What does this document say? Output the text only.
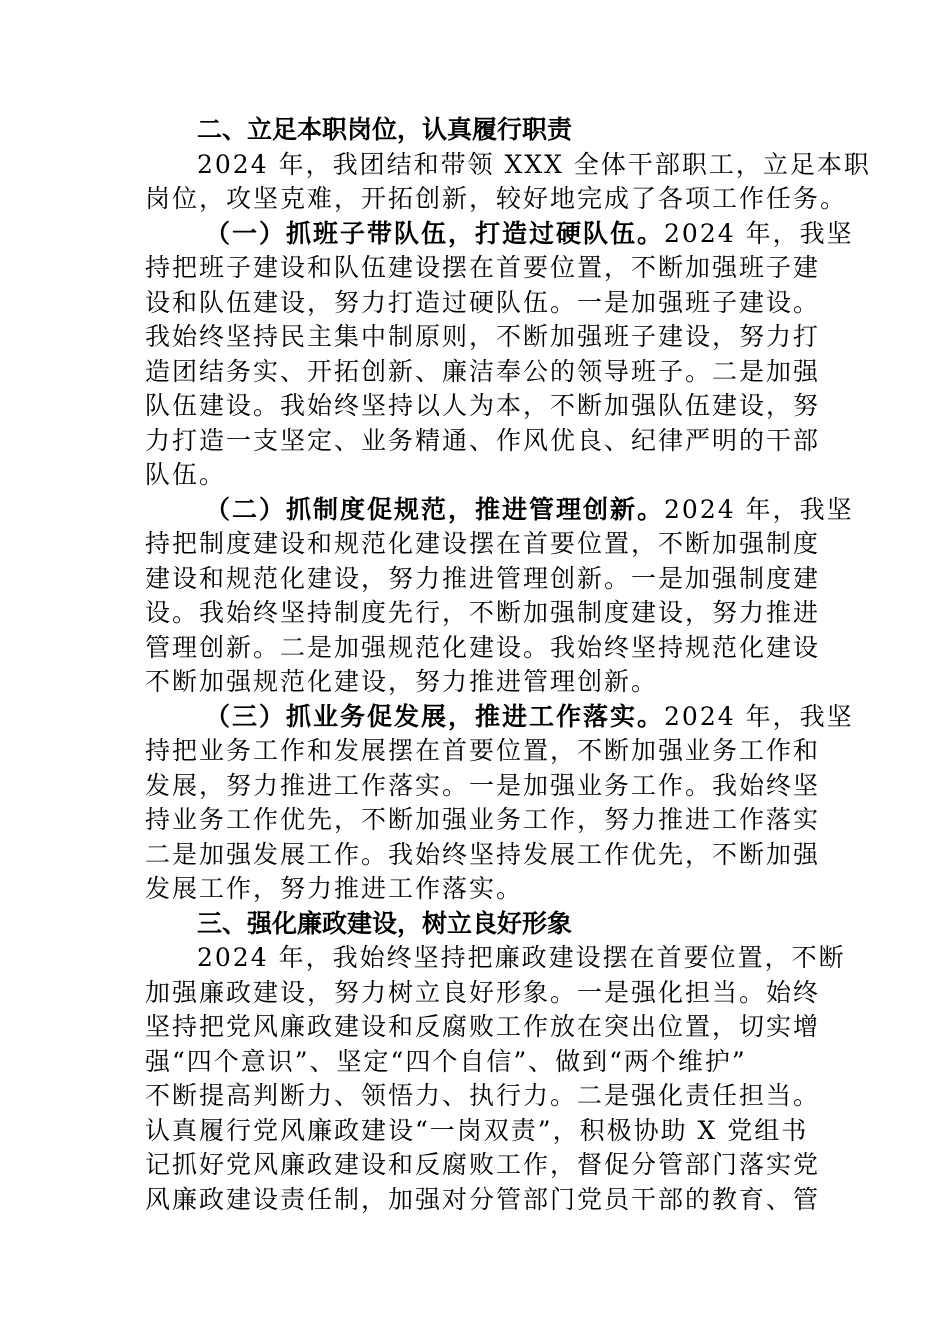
二、立足本职岗位，认真履行职责

2024 年，我团结和带领 XXX 全体干部职工，立足本职
岗位，攻坚克难，开拓创新，较好地完成了各项工作任务。
（一）抓班子带队伍，打造过硬队伍。2024 年，我坚
持把班子建设和队伍建设摆在首要位置，不断加强班子建
设和队伍建设，努力打造过硬队伍。一是加强班子建设。
我始终坚持民主集中制原则，不断加强班子建设，努力打
造团结务实、开拓创新、廉洁奉公的领导班子。二是加强
队伍建设。我始终坚持以人为本，不断加强队伍建设，努
力打造一支坚定、业务精通、作风优良、纪律严明的干部
队伍。
（二）抓制度促规范，推进管理创新。2024 年，我坚
持把制度建设和规范化建设摆在首要位置，不断加强制度
建设和规范化建设，努力推进管理创新。一是加强制度建
设。我始终坚持制度先行，不断加强制度建设，努力推进
管理创新。二是加强规范化建设。我始终坚持规范化建设
不断加强规范化建设，努力推进管理创新。
（三）抓业务促发展，推进工作落实。2024 年，我坚
持把业务工作和发展摆在首要位置，不断加强业务工作和
发展，努力推进工作落实。一是加强业务工作。我始终坚
持业务工作优先，不断加强业务工作，努力推进工作落实
二是加强发展工作。我始终坚持发展工作优先，不断加强
发展工作，努力推进工作落实。

三、强化廉政建设，树立良好形象

2024 年，我始终坚持把廉政建设摆在首要位置，不断
加强廉政建设，努力树立良好形象。一是强化担当。始终
坚持把党风廉政建设和反腐败工作放在突出位置，切实增
强“四个意识”、坚定“四个自信”、做到“两个维护”
不断提高判断力、领悟力、执行力。二是强化责任担当。
认真履行党风廉政建设“一岗双责”，积极协助 X 党组书
记抓好党风廉政建设和反腐败工作，督促分管部门落实党
风廉政建设责任制，加强对分管部门党员干部的教育、管
